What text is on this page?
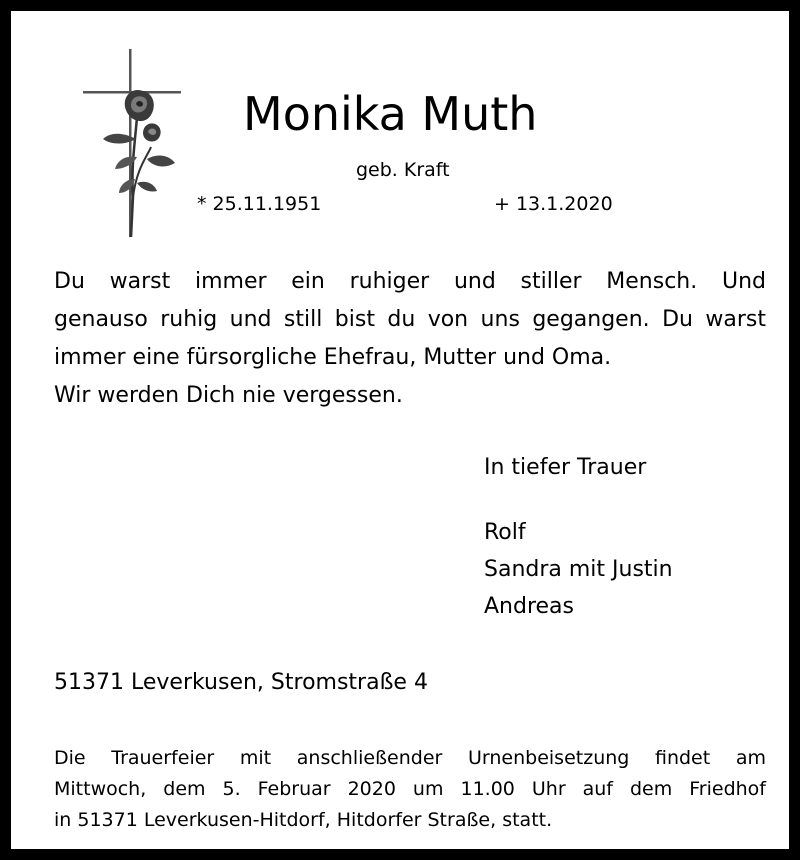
Monika Muth
geb. Kraft
* 25.11.1951	+ 13.1.2020
Du warst immer ein ruhiger und stiller Mensch. Und
genauso ruhig und still bist du von uns gegangen. Du warst
immer eine fürsorgliche Ehefrau, Mutter und Oma.
Wir werden Dich nie vergessen.
In tiefer Trauer
Rolf
Sandra mit Justin
Andreas
51371 Leverkusen, Stromstraße 4
Die Trauerfeier mit anschließender Urnenbeisetzung findet am
Mittwoch, dem 5. Februar 2020 um 11.00 Uhr auf dem Friedhof
in 51371 Leverkusen-Hitdorf, Hitdorfer Straße, statt.
